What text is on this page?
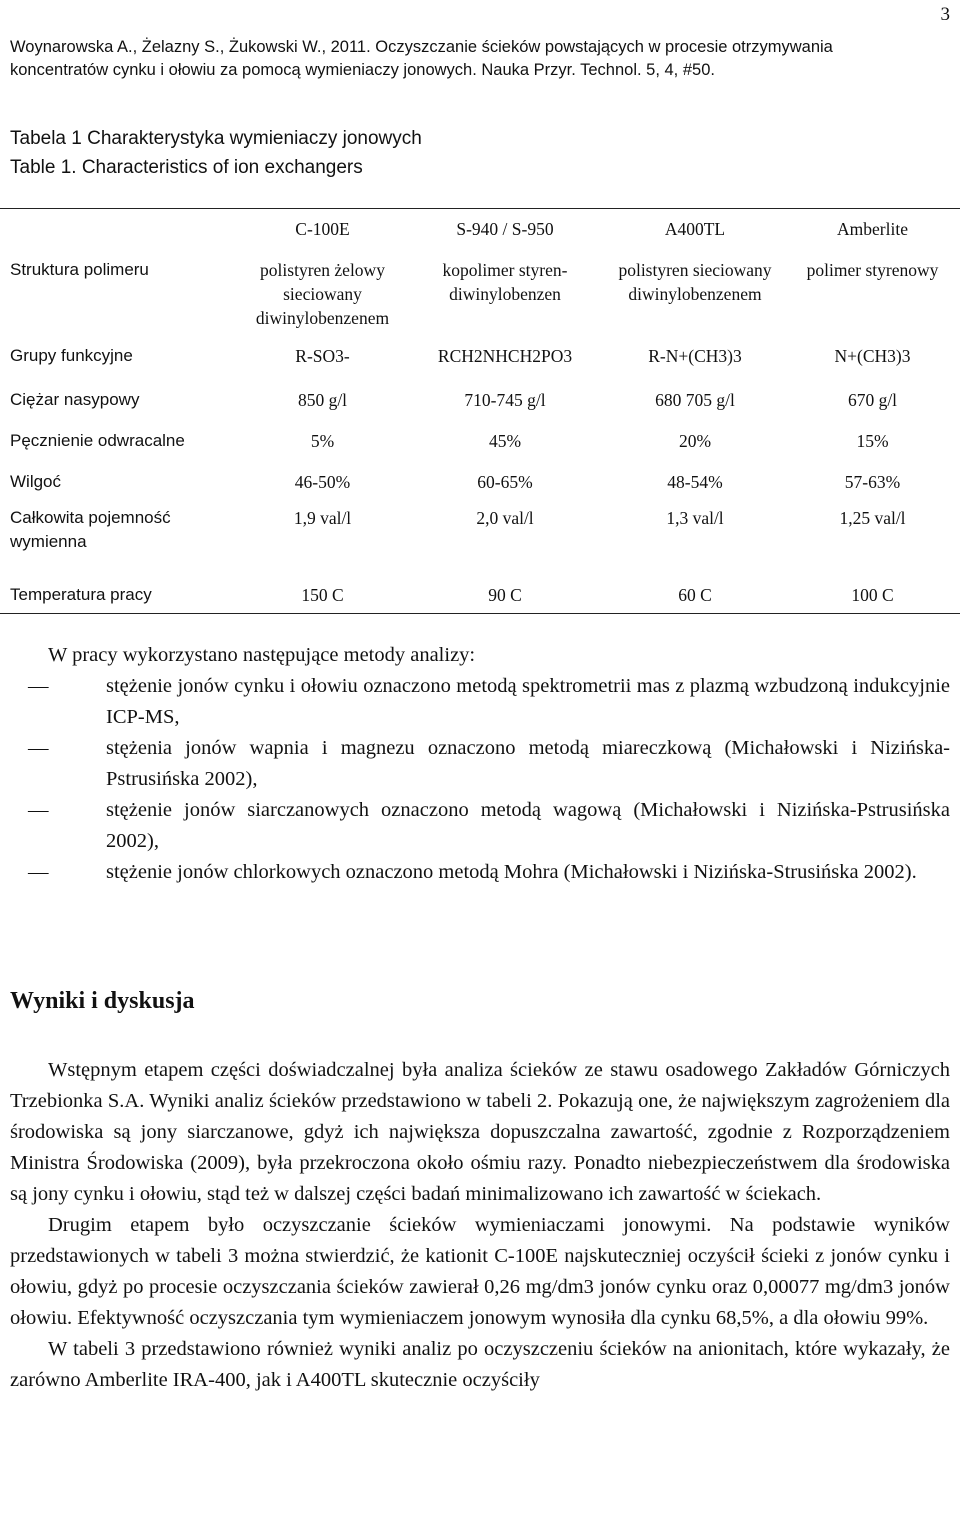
3
Woynarowska A., Żelazny S., Żukowski W., 2011. Oczyszczanie ścieków powstających w procesie otrzymywania
koncentratów cynku i ołowiu za pomocą wymieniaczy jonowych. Nauka Przyr. Technol. 5, 4, #50.
Tabela 1 Charakterystyka wymieniaczy jonowych
Table 1. Characteristics of ion exchangers
	C-100E	S-940 / S-950	A400TL	Amberlite
Struktura polimeru	polistyren żelowy sieciowany diwinylobenzenem	kopolimer styren-diwinylobenzen	polistyren sieciowany diwinylobenzenem	polimer styrenowy
Grupy funkcyjne	R-SO3-	RCH2NHCH2PO3	R-N+(CH3)3	N+(CH3)3
Ciężar nasypowy	850 g/l	710-745 g/l	680 705 g/l	670 g/l
Pęcznienie odwracalne	5%	45%	20%	15%
Wilgoć	46-50%	60-65%	48-54%	57-63%
Całkowita pojemność wymienna	1,9 val/l	2,0 val/l	1,3 val/l	1,25 val/l
Temperatura pracy	150 C	90 C	60 C	100 C

W pracy wykorzystano następujące metody analizy:

—	stężenie jonów cynku i ołowiu oznaczono metodą spektrometrii mas z plazmą wzbudzoną indukcyjnie ICP-MS,
—	stężenia jonów wapnia i magnezu oznaczono metodą miareczkową (Michałowski i Nizińska-Pstrusińska 2002),
—	stężenie jonów siarczanowych oznaczono metodą wagową (Michałowski i Nizińska-Pstrusińska 2002),
—	stężenie jonów chlorkowych oznaczono metodą Mohra (Michałowski i Nizińska-Strusińska 2002).
Wyniki i dyskusja

Wstępnym etapem części doświadczalnej była analiza ścieków ze stawu osadowego Zakładów Górniczych Trzebionka S.A. Wyniki analiz ścieków przedstawiono w tabeli 2. Pokazują one, że największym zagrożeniem dla środowiska są jony siarczanowe, gdyż ich największa dopuszczalna zawartość, zgodnie z Rozporządzeniem Ministra Środowiska (2009), była przekroczona około ośmiu razy. Ponadto niebezpieczeństwem dla środowiska są jony cynku i ołowiu, stąd też w dalszej części badań minimalizowano ich zawartość w ściekach.

Drugim etapem było oczyszczanie ścieków wymieniaczami jonowymi. Na podstawie wyników przedstawionych w tabeli 3 można stwierdzić, że kationit C-100E najskuteczniej oczyścił ścieki z jonów cynku i ołowiu, gdyż po procesie oczyszczania ścieków zawierał 0,26 mg/dm3 jonów cynku oraz 0,00077 mg/dm3 jonów ołowiu. Efektywność oczyszczania tym wymieniaczem jonowym wynosiła dla cynku 68,5%, a dla ołowiu 99%.

W tabeli 3 przedstawiono również wyniki analiz po oczyszczeniu ścieków na anionitach, które wykazały, że zarówno Amberlite IRA-400, jak i A400TL skutecznie oczyściły
